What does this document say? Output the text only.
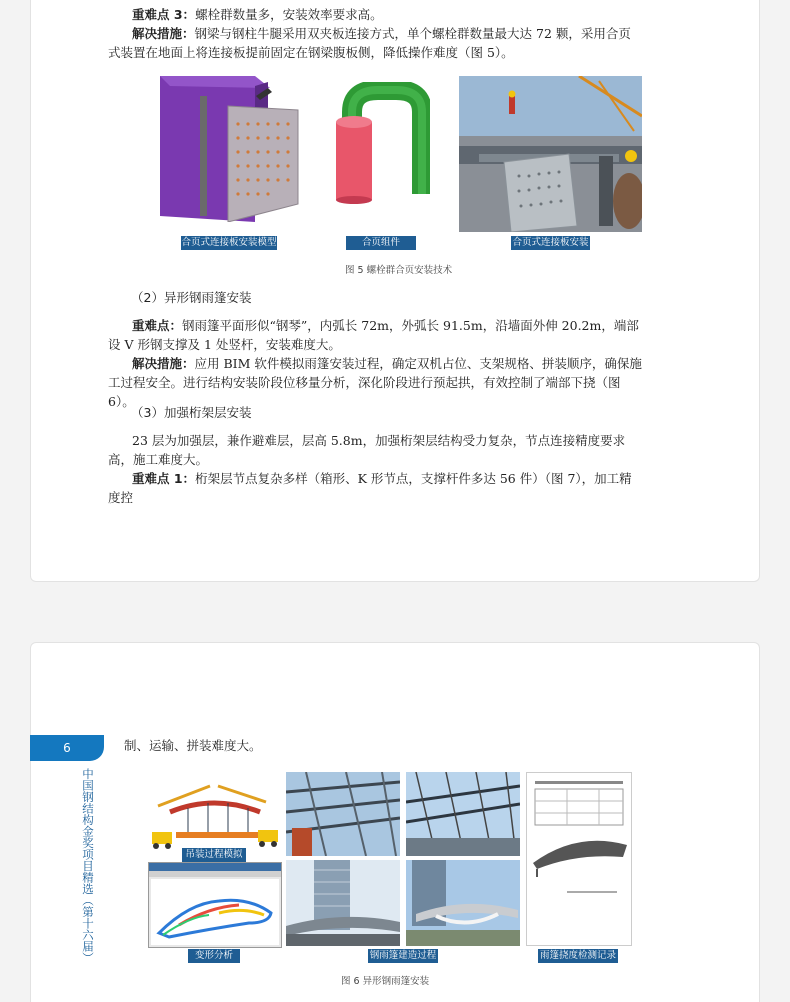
重难点 3：螺栓群数量多，安装效率要求高。

解决措施：钢梁与钢柱牛腿采用双夹板连接方式，单个螺栓群数量最大达 72 颗，采用合页式装置在地面上将连接板提前固定在钢梁腹板侧，降低操作难度（图 5）。

合页式连接板安装模型	合页组件	合页式连接板安装
图 5 螺栓群合页安装技术

（2）异形钢雨篷安装

重难点：钢雨篷平面形似“钢琴”，内弧长 72m，外弧长 91.5m，沿墙面外伸 20.2m，端部设 V 形钢支撑及 1 处竖杆，安装难度大。

解决措施：应用 BIM 软件模拟雨篷安装过程，确定双机占位、支架规格、拼装顺序，确保施工过程安全。进行结构安装阶段位移量分析，深化阶段进行预起拱，有效控制了端部下挠（图 6）。

（3）加强桁架层安装

23 层为加强层，兼作避难层，层高 5.8m，加强桁架层结构受力复杂，节点连接精度要求高，施工难度大。

重难点 1：桁架层节点复杂多样（箱形、K 形节点，支撑杆件多达 56 件）（图 7），加工精度控

6
中国钢结构金奖项目精选（第十六届）

制、运输、拼装难度大。

吊装过程模拟
变形分析	钢雨篷建造过程	雨篷挠度检测记录
图 6 异形钢雨篷安装
